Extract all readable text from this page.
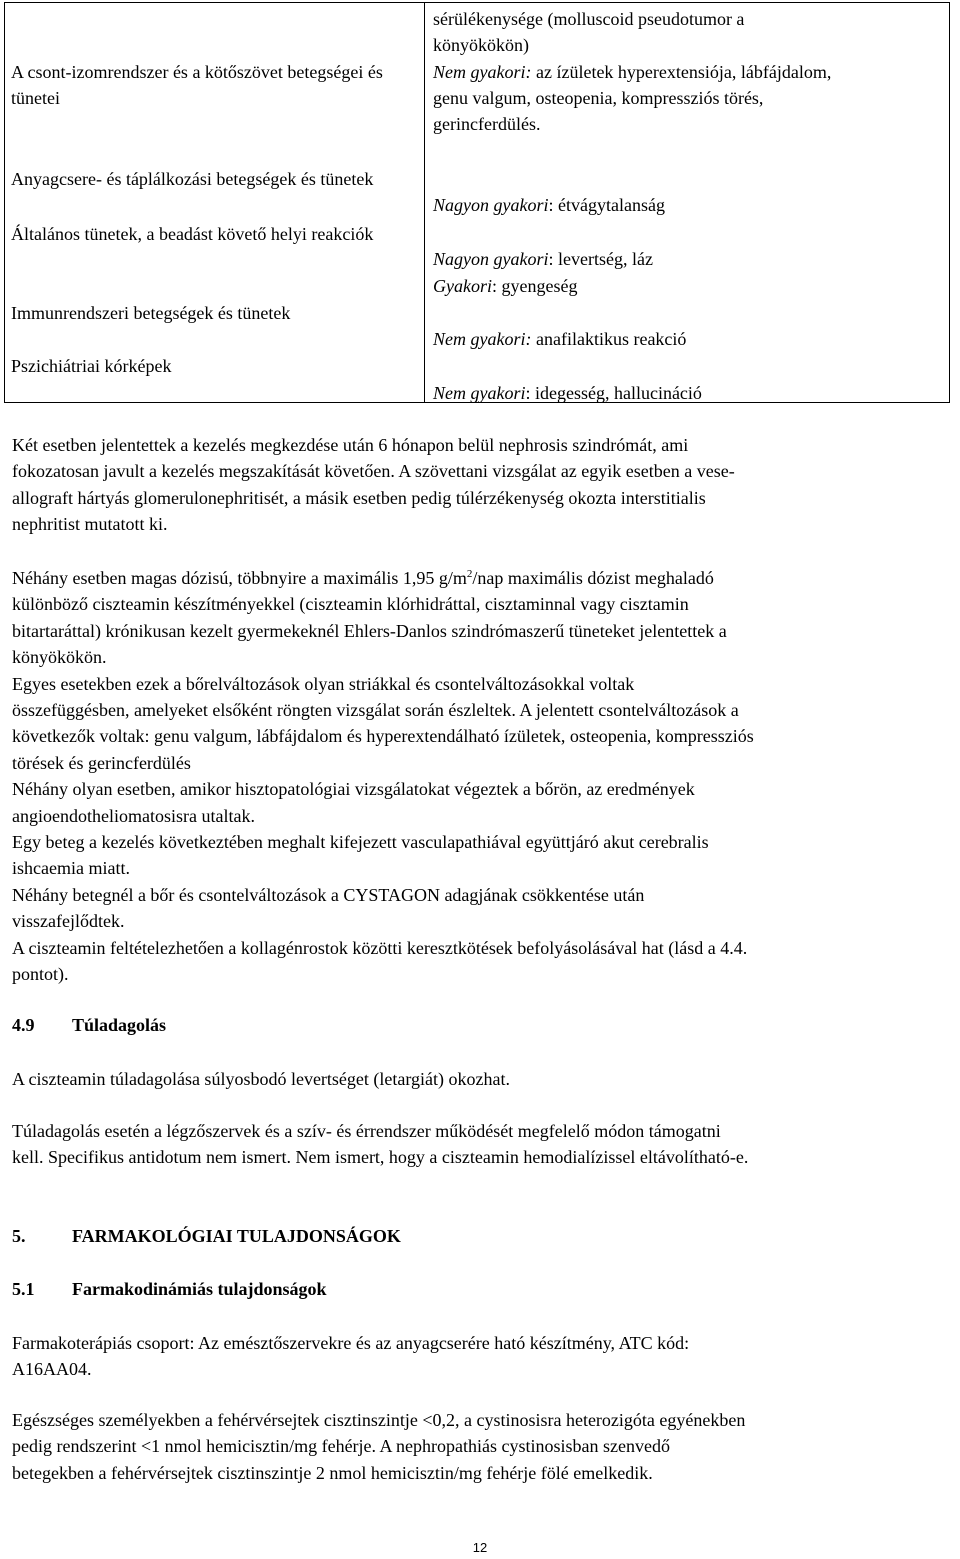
A csont-izomrendszer és a kötőszövet betegségei és tünetei

Anyagcsere- és táplálkozási betegségek és tünetek

Általános tünetek, a beadást követő helyi reakciók

Immunrendszeri betegségek és tünetek

Pszichiátriai kórképek

sérülékenysége (molluscoid pseudotumor a
könyökökön)
Nem gyakori: az ízületek hyperextensiója, lábfájdalom,
genu valgum, osteopenia, kompressziós törés,
gerincferdülés.

Nagyon gyakori: étvágytalanság

Nagyon gyakori: levertség, láz

Gyakori: gyengeség

Nem gyakori: anafilaktikus reakció

Nem gyakori: idegesség, hallucináció

Két esetben jelentettek a kezelés megkezdése után 6 hónapon belül nephrosis szindrómát, ami
fokozatosan javult a kezelés megszakítását követően. A szövettani vizsgálat az egyik esetben a vese-
allograft hártyás glomerulonephritisét, a másik esetben pedig túlérzékenység okozta interstitialis
nephritist mutatott ki.

Néhány esetben magas dózisú, többnyire a maximális 1,95 $g/m^2$/nap maximális dózist meghaladó
különböző ciszteamin készítményekkel (ciszteamin klórhidráttal, cisztaminnal vagy cisztamin
bitartaráttal) krónikusan kezelt gyermekeknél Ehlers-Danlos szindrómaszerű tüneteket jelentettek a
könyökökön.
Egyes esetekben ezek a bőrelváltozások olyan striákkal és csontelváltozásokkal voltak
összefüggésben, amelyeket elsőként röngten vizsgálat során észleltek. A jelentett csontelváltozások a
következők voltak: genu valgum, lábfájdalom és hyperextendálható ízületek, osteopenia, kompressziós
törések és gerincferdülés
Néhány olyan esetben, amikor hisztopatológiai vizsgálatokat végeztek a bőrön, az eredmények
angioendotheliomatosisra utaltak.
Egy beteg a kezelés következtében meghalt kifejezett vasculapathiával együttjáró akut cerebralis
ishcaemia miatt.
Néhány betegnél a bőr és csontelváltozások a CYSTAGON adagjának csökkentése után
visszafejlődtek.
A ciszteamin feltételezhetően a kollagénrostok közötti keresztkötések befolyásolásával hat (lásd a 4.4.
pontot).

4.9 Túladagolás

A ciszteamin túladagolása súlyosbodó levertséget (letargiát) okozhat.

Túladagolás esetén a légzőszervek és a szív- és érrendszer működését megfelelő módon támogatni
kell. Specifikus antidotum nem ismert. Nem ismert, hogy a ciszteamin hemodialízissel eltávolítható-e.

5.	FARMAKOLÓGIAI TULAJDONSÁGOK

5.1 Farmakodinámiás tulajdonságok

Farmakoterápiás csoport: Az emésztőszervekre és az anyagcserére ható készítmény, ATC kód:
A16AA04.

Egészséges személyekben a fehérvérsejtek cisztinszintje <0,2, a cystinosisra heterozigóta egyénekben
pedig rendszerint <1 nmol hemicisztin/mg fehérje. A nephropathiás cystinosisban szenvedő
betegekben a fehérvérsejtek cisztinszintje 2 nmol hemicisztin/mg fehérje fölé emelkedik.

12
